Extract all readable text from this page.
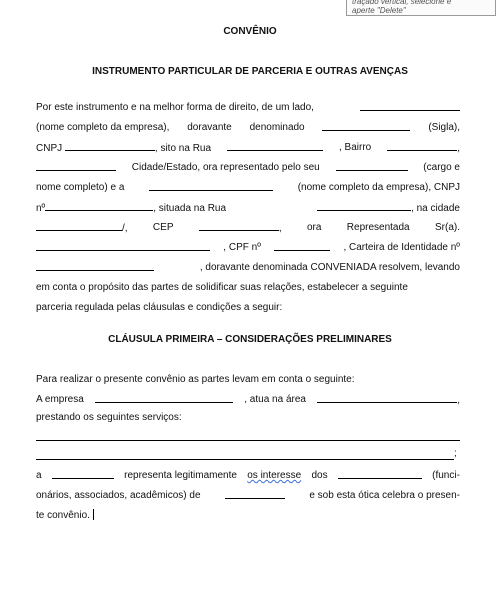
traçado vertical, selecione e
aperte "Delete"
CONVÊNIO
INSTRUMENTO PARTICULAR DE PARCERIA E OUTRAS AVENÇAS
Por este instrumento e na melhor forma de direito, de um lado,
(nome completo da empresa), doravante denominado	(Sigla),
CNPJ	, sito na Rua	, Bairro	,
Cidade/Estado, ora representado pelo seu	(cargo e
nome completo) e a	(nome completo da empresa), CNPJ
nº	, situada na Rua	, na cidade
/,	CEP	,	ora	Representada	Sr(a).
, CPF nº	, Carteira de Identidade nº
, doravante denominada CONVENIADA resolvem, levando
em conta o propósito das partes de solidificar suas relações, estabelecer a seguinte
parceria regulada pelas cláusulas e condições a seguir:
CLÁUSULA PRIMEIRA – CONSIDERAÇÕES PRELIMINARES
Para realizar o presente convênio as partes levam em conta o seguinte:
A empresa	, atua na área	,
prestando os seguintes serviços:
;
a	representa legitimamente os interesse dos	(funci-
onários, associados, acadêmicos) de	e sob esta ótica celebra o presen-
te convênio.
